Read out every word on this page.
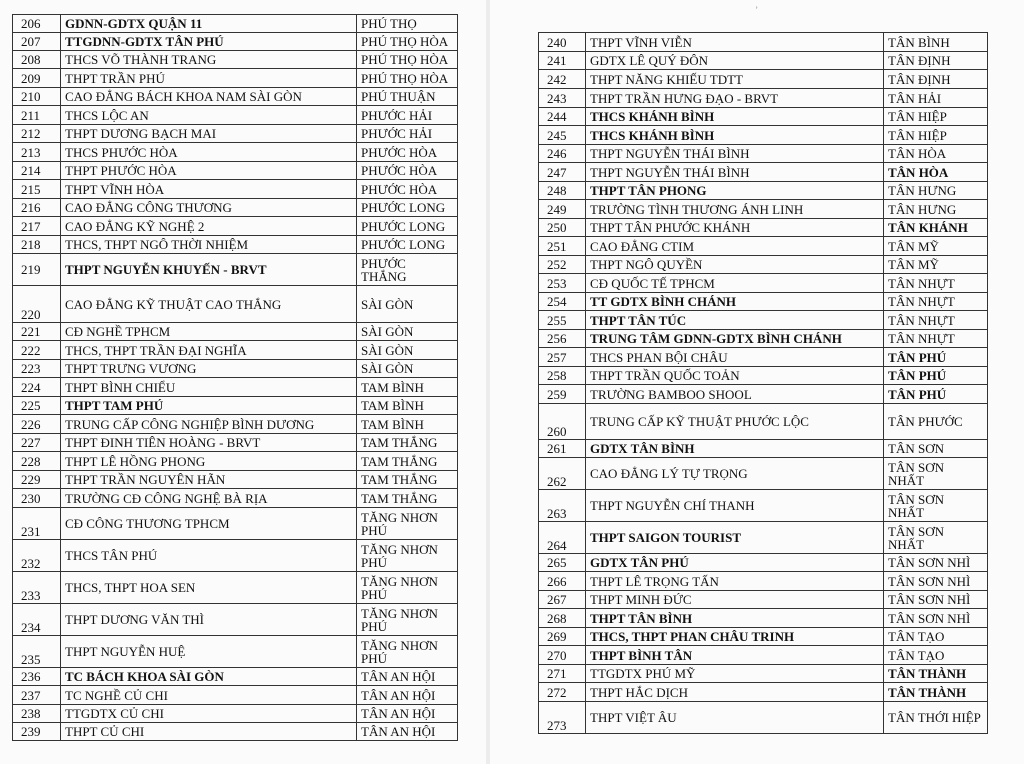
ʾ
206	GDNN-GDTX QUẬN 11	PHÚ THỌ
207	TTGDNN-GDTX TÂN PHÚ	PHÚ THỌ HÒA
208	THCS VÕ THÀNH TRANG	PHÚ THỌ HÒA
209	THPT TRẦN PHÚ	PHÚ THỌ HÒA
210	CAO ĐẲNG BÁCH KHOA NAM SÀI GÒN	PHÚ THUẬN
211	THCS LỘC AN	PHƯỚC HẢI
212	THPT DƯƠNG BẠCH MAI	PHƯỚC HẢI
213	THCS PHƯỚC HÒA	PHƯỚC HÒA
214	THPT PHƯỚC HÒA	PHƯỚC HÒA
215	THPT VĨNH HÒA	PHƯỚC HÒA
216	CAO ĐẲNG CÔNG THƯƠNG	PHƯỚC LONG
217	CAO ĐẲNG KỸ NGHỆ 2	PHƯỚC LONG
218	THCS, THPT NGÔ THỜI NHIỆM	PHƯỚC LONG
219	THPT NGUYỄN KHUYẾN - BRVT	PHƯỚC THẮNG
220	CAO ĐẲNG KỸ THUẬT CAO THẮNG	SÀI GÒN
221	CĐ NGHỀ TPHCM	SÀI GÒN
222	THCS, THPT TRẦN ĐẠI NGHĨA	SÀI GÒN
223	THPT TRƯNG VƯƠNG	SÀI GÒN
224	THPT BÌNH CHIỂU	TAM BÌNH
225	THPT TAM PHÚ	TAM BÌNH
226	TRUNG CẤP CÔNG NGHIỆP BÌNH DƯƠNG	TAM BÌNH
227	THPT ĐINH TIÊN HOÀNG - BRVT	TAM THẮNG
228	THPT LÊ HỒNG PHONG	TAM THẮNG
229	THPT TRẦN NGUYÊN HÃN	TAM THẮNG
230	TRƯỜNG CĐ CÔNG NGHỆ BÀ RỊA	TAM THẮNG
231	CĐ CÔNG THƯƠNG TPHCM	TĂNG NHƠN PHÚ
232	THCS TÂN PHÚ	TĂNG NHƠN PHÚ
233	THCS, THPT HOA SEN	TĂNG NHƠN PHÚ
234	THPT DƯƠNG VĂN THÌ	TĂNG NHƠN PHÚ
235	THPT NGUYỄN HUỆ	TĂNG NHƠN PHÚ
236	TC BÁCH KHOA SÀI GÒN	TÂN AN HỘI
237	TC NGHỀ CỦ CHI	TÂN AN HỘI
238	TTGDTX CỦ CHI	TÂN AN HỘI
239	THPT CỦ CHI	TÂN AN HỘI
240	THPT VĨNH VIỄN	TÂN BÌNH
241	GDTX LÊ QUÝ ĐÔN	TÂN ĐỊNH
242	THPT NĂNG KHIẾU TDTT	TÂN ĐỊNH
243	THPT TRẦN HƯNG ĐẠO - BRVT	TÂN HẢI
244	THCS KHÁNH BÌNH	TÂN HIỆP
245	THCS KHÁNH BÌNH	TÂN HIỆP
246	THPT NGUYỄN THÁI BÌNH	TÂN HÒA
247	THPT NGUYỄN THÁI BÌNH	TÂN HÒA
248	THPT TÂN PHONG	TÂN HƯNG
249	TRƯỜNG TÌNH THƯƠNG ÁNH LINH	TÂN HƯNG
250	THPT TÂN PHƯỚC KHÁNH	TÂN KHÁNH
251	CAO ĐẲNG CTIM	TÂN MỸ
252	THPT NGÔ QUYỀN	TÂN MỸ
253	CĐ QUỐC TẾ TPHCM	TÂN NHỰT
254	TT GDTX BÌNH CHÁNH	TÂN NHỰT
255	THPT TÂN TÚC	TÂN NHỰT
256	TRUNG TÂM GDNN-GDTX BÌNH CHÁNH	TÂN NHỰT
257	THCS PHAN BỘI CHÂU	TÂN PHÚ
258	THPT TRẦN QUỐC TOẢN	TÂN PHÚ
259	TRƯỜNG BAMBOO SHOOL	TÂN PHÚ
260	TRUNG CẤP KỸ THUẬT PHƯỚC LỘC	TÂN PHƯỚC
261	GDTX TÂN BÌNH	TÂN SƠN
262	CAO ĐẲNG LÝ TỰ TRỌNG	TÂN SƠN NHẤT
263	THPT NGUYỄN CHÍ THANH	TÂN SƠN NHẤT
264	THPT SAIGON TOURIST	TÂN SƠN NHẤT
265	GDTX TÂN PHÚ	TÂN SƠN NHÌ
266	THPT LÊ TRỌNG TẤN	TÂN SƠN NHÌ
267	THPT MINH ĐỨC	TÂN SƠN NHÌ
268	THPT TÂN BÌNH	TÂN SƠN NHÌ
269	THCS, THPT PHAN CHÂU TRINH	TÂN TẠO
270	THPT BÌNH TÂN	TÂN TẠO
271	TTGDTX PHÚ MỸ	TÂN THÀNH
272	THPT HẮC DỊCH	TÂN THÀNH
273	THPT VIỆT ÂU	TÂN THỚI HIỆP
